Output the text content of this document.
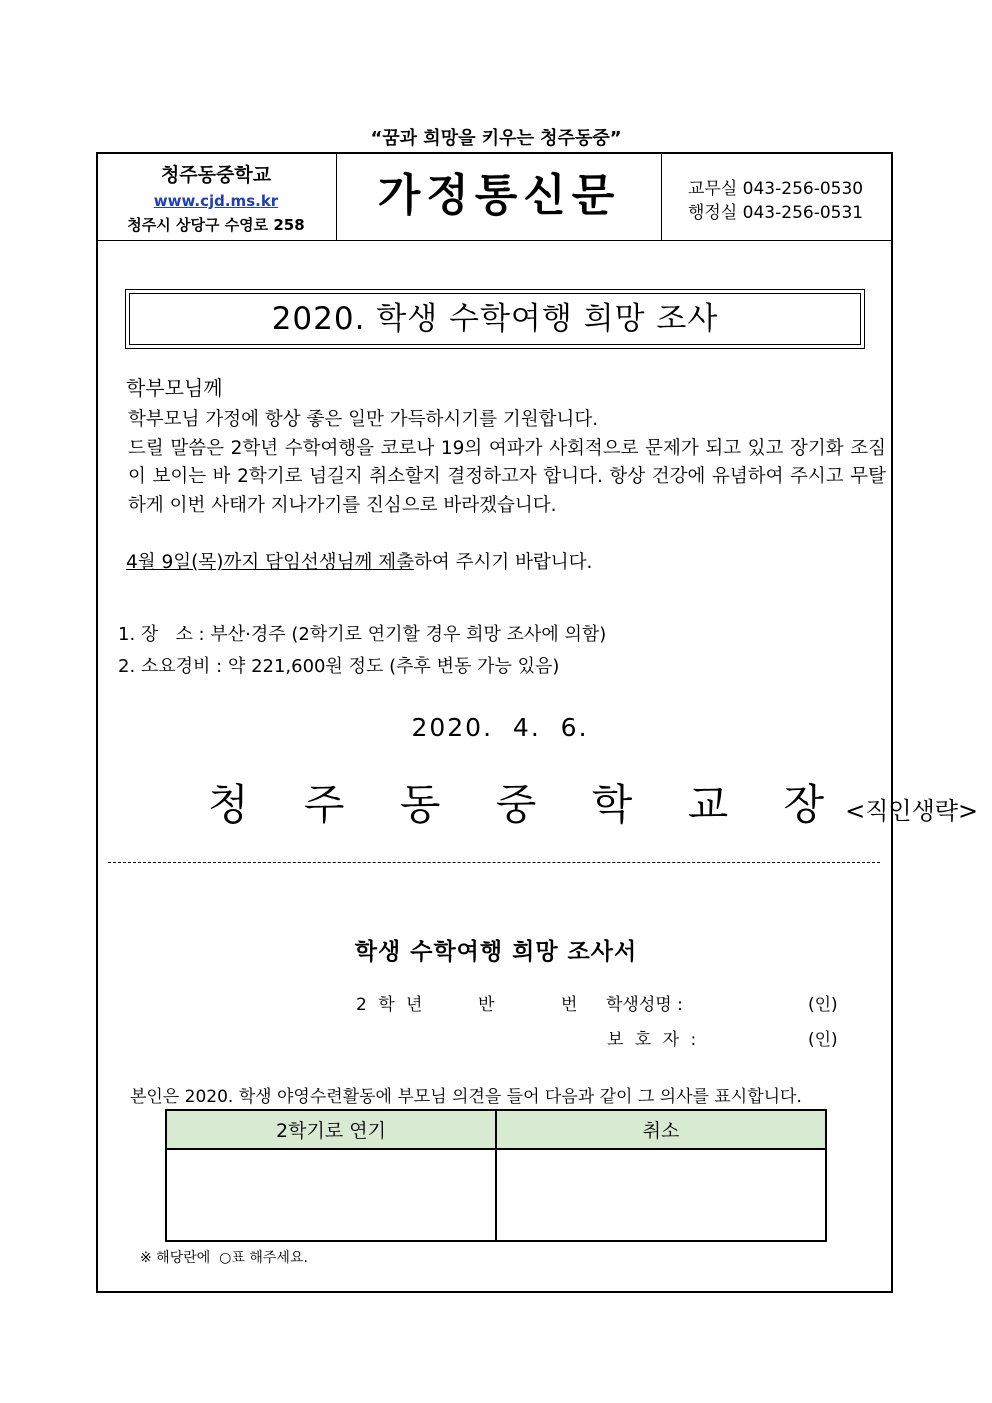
“꿈과 희망을 키우는 청주동중”
청주동중학교
www.cjd.ms.kr
청주시 상당구 수영로 258
가정통신문	교무실 043-256-0530
행정실 043-256-0531
2020. 학생 수학여행 희망 조사
학부모님께
학부모님 가정에 항상 좋은 일만 가득하시기를 기원합니다.
드릴 말씀은 2학년 수학여행을 코로나 19의 여파가 사회적으로 문제가 되고 있고 장기화 조짐이 보이는 바 2학기로 넘길지 취소할지 결정하고자 합니다. 항상 건강에 유념하여 주시고 무탈하게 이번 사태가 지나가기를 진심으로 바라겠습니다.
4월 9일(목)까지 담임선생님께 제출하여 주시기 바랍니다.
1. 장   소 : 부산·경주 (2학기로 연기할 경우 희망 조사에 의함)
2. 소요경비 : 약 221,600원 정도 (추후 변동 가능 있음)
2020.  4.  6.
청 주 동 중 학 교 장<직인생략>
학생 수학여행 희망 조사서
2 학 년	반	번 학생성명 :	(인)
보 호 자 :	(인)
본인은 2020. 학생 야영수련활동에 부모님 의견을 들어 다음과 같이 그 의사를 표시합니다.
2학기로 연기	취소

※ 해당란에  ○표 해주세요.
